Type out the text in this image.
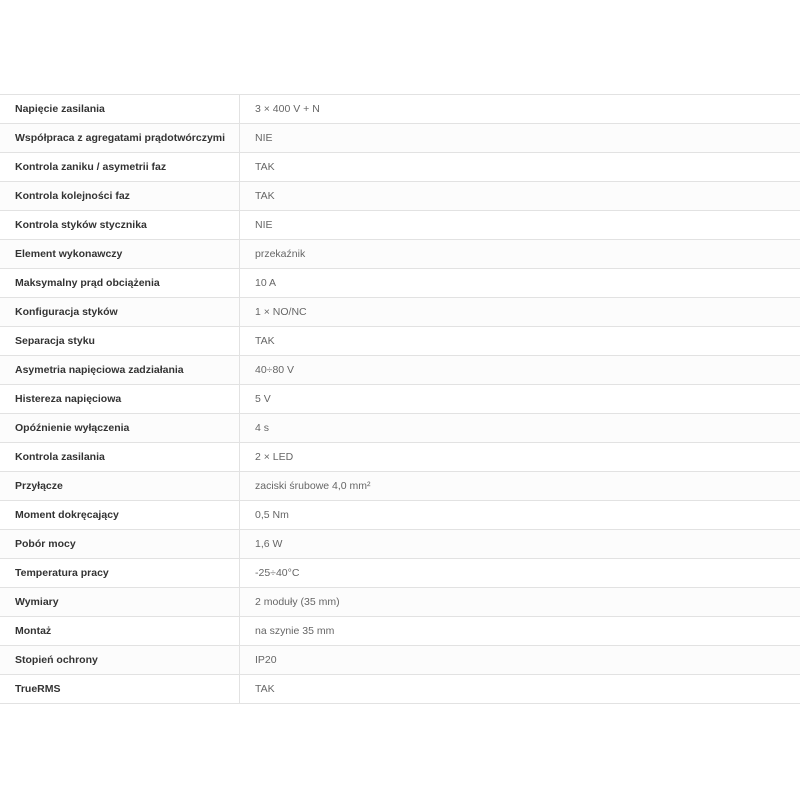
Napięcie zasilania	3 × 400 V + N
Współpraca z agregatami prądotwórczymi	NIE
Kontrola zaniku / asymetrii faz	TAK
Kontrola kolejności faz	TAK
Kontrola styków stycznika	NIE
Element wykonawczy	przekaźnik
Maksymalny prąd obciążenia	10 A
Konfiguracja styków	1 × NO/NC
Separacja styku	TAK
Asymetria napięciowa zadziałania	40÷80 V
Histereza napięciowa	5 V
Opóźnienie wyłączenia	4 s
Kontrola zasilania	2 × LED
Przyłącze	zaciski śrubowe 4,0 mm²
Moment dokręcający	0,5 Nm
Pobór mocy	1,6 W
Temperatura pracy	-25÷40°C
Wymiary	2 moduły (35 mm)
Montaż	na szynie 35 mm
Stopień ochrony	IP20
TrueRMS	TAK
